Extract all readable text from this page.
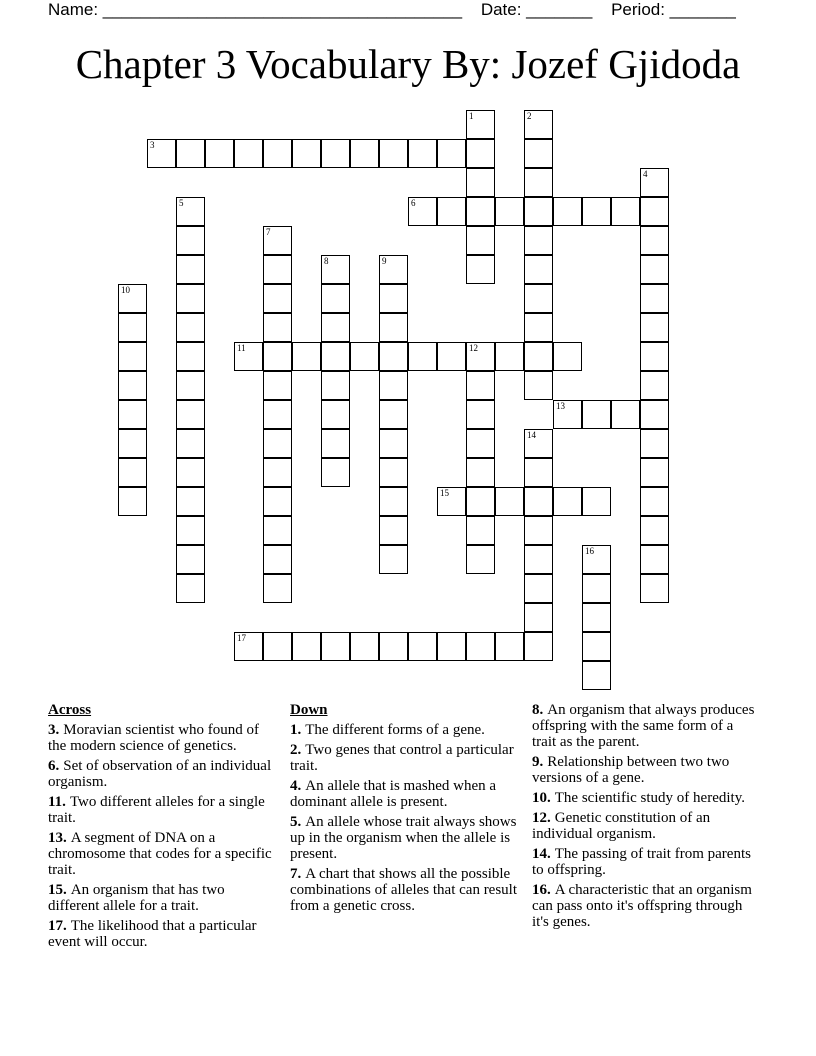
Name: ______________________________________ Date: _______ Period: _______
Chapter 3 Vocabulary By: Jozef Gjidoda
1	2
3
4
5	6
7
8	9
10
11	12
13
14
15
16
17
Across
3. Moravian scientist who found of the modern science of genetics.
6. Set of observation of an individual organism.
11. Two different alleles for a single trait.
13. A segment of DNA on a chromosome that codes for a specific trait.
15. An organism that has two different allele for a trait.
17. The likelihood that a particular event will occur.
Down
1. The different forms of a gene.
2. Two genes that control a particular trait.
4. An allele that is mashed when a dominant allele is present.
5. An allele whose trait always shows up in the organism when the allele is present.
7. A chart that shows all the possible combinations of alleles that can result from a genetic cross.
8. An organism that always produces offspring with the same form of a trait as the parent.
9. Relationship between two two versions of a gene.
10. The scientific study of heredity.
12. Genetic constitution of an individual organism.
14. The passing of trait from parents to offspring.
16. A characteristic that an organism can pass onto it's offspring through it's genes.
